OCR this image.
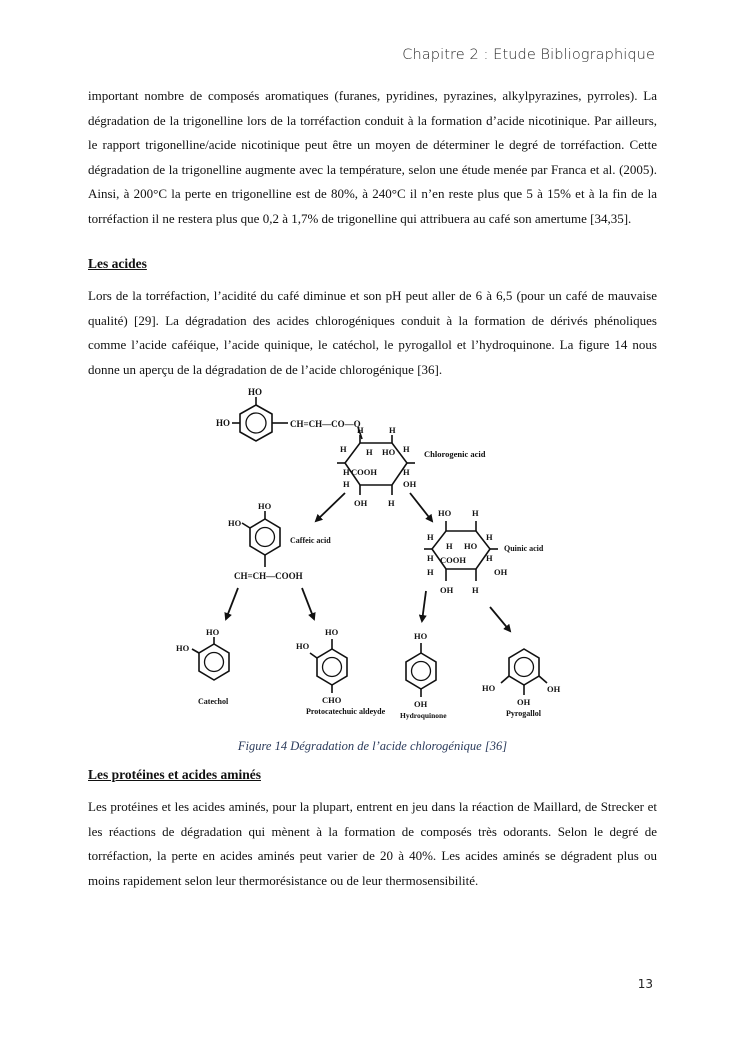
Chapitre 2 : Etude Bibliographique

important nombre de composés aromatiques (furanes, pyridines, pyrazines, alkylpyrazines, pyrroles). La dégradation de la trigonelline lors de la torréfaction conduit à la formation d’acide nicotinique. Par ailleurs, le rapport trigonelline/acide nicotinique peut être un moyen de déterminer le degré de torréfaction. Cette dégradation de la trigonelline augmente avec la température, selon une étude menée par Franca et al. (2005). Ainsi, à 200°C la perte en trigonelline est de 80%, à 240°C il n’en reste plus que 5 à 15% et à la fin de la torréfaction il ne restera plus que 0,2 à 1,7% de trigonelline qui attribuera au café son amertume [34,35].

Les acides

Lors de la torréfaction, l’acidité du café diminue et son pH peut aller de 6 à 6,5 (pour un café de mauvaise qualité) [29]. La dégradation des acides chlorogéniques conduit à la formation de dérivés phénoliques comme l’acide caféique, l’acide quinique, le catéchol, le pyrogallol et l’hydroquinone. La figure 14 nous donne un aperçu de la dégradation de de l’acide chlorogénique [36].

HO
HO	CH=CH—CO—O
H	H
H H HO H Chlorogenic acid
H COOH	H
OH
H
OH H
HO
HO
Caffeic acid
CH=CH—COOH
HO H
H
H HO
H
Quinic acid
COOH
H	H
OH
H
OH H
HO
HO
Catechol
HO
HO
CHO
Protocatechuic aldeyde
HO
OH
Hydroquinone
HO	OH
OH
Pyrogallol

Figure 14 Dégradation de l’acide chlorogénique [36]

Les protéines et acides aminés

Les protéines et les acides aminés, pour la plupart, entrent en jeu dans la réaction de Maillard, de Strecker et les réactions de dégradation qui mènent à la formation de composés très odorants. Selon le degré de torréfaction, la perte en acides aminés peut varier de 20 à 40%. Les acides aminés se dégradent plus ou moins rapidement selon leur thermorésistance ou de leur thermosensibilité.

13
